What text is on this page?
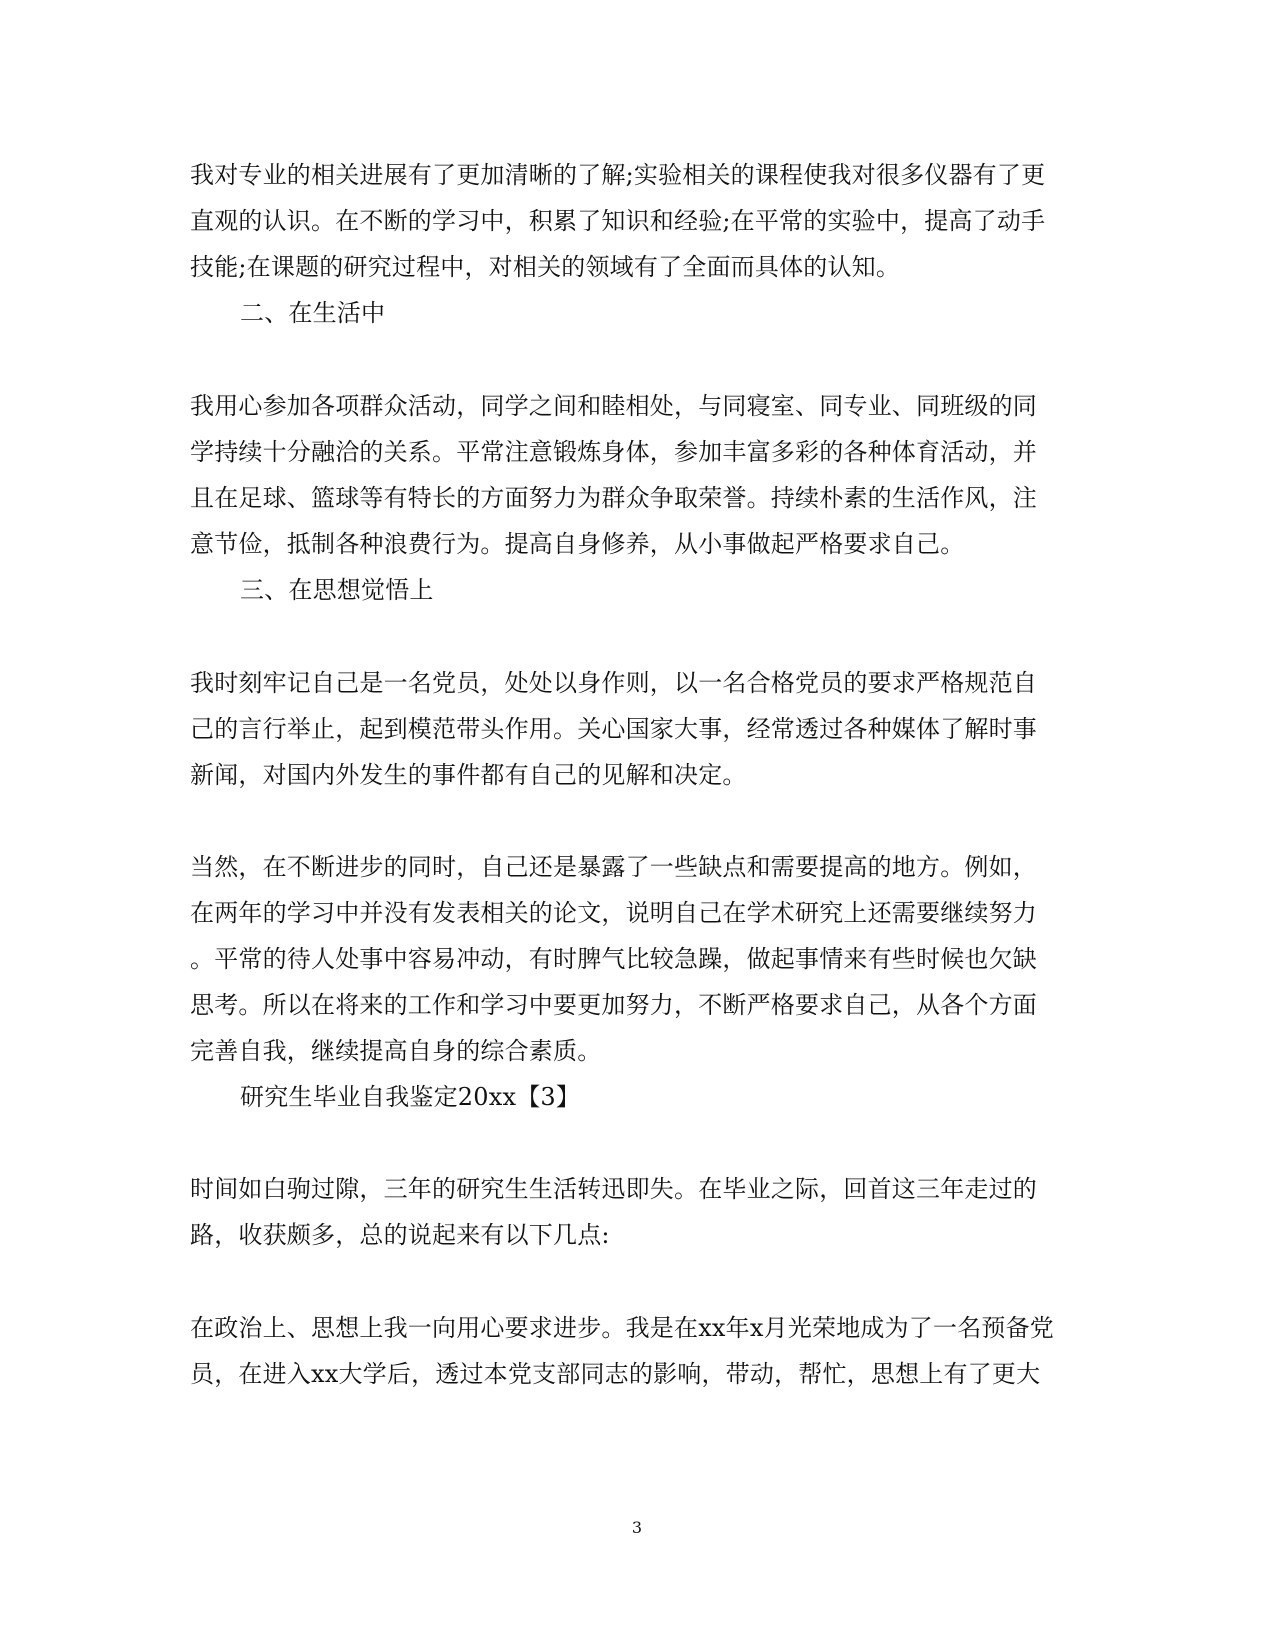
我对专业的相关进展有了更加清晰的了解;实验相关的课程使我对很多仪器有了更
直观的认识。在不断的学习中，积累了知识和经验;在平常的实验中，提高了动手
技能;在课题的研究过程中，对相关的领域有了全面而具体的认知。
二、在生活中
我用心参加各项群众活动，同学之间和睦相处，与同寝室、同专业、同班级的同
学持续十分融洽的关系。平常注意锻炼身体，参加丰富多彩的各种体育活动，并
且在足球、篮球等有特长的方面努力为群众争取荣誉。持续朴素的生活作风，注
意节俭，抵制各种浪费行为。提高自身修养，从小事做起严格要求自己。
三、在思想觉悟上
我时刻牢记自己是一名党员，处处以身作则，以一名合格党员的要求严格规范自
己的言行举止，起到模范带头作用。关心国家大事，经常透过各种媒体了解时事
新闻，对国内外发生的事件都有自己的见解和决定。
当然，在不断进步的同时，自己还是暴露了一些缺点和需要提高的地方。例如，
在两年的学习中并没有发表相关的论文，说明自己在学术研究上还需要继续努力
。平常的待人处事中容易冲动，有时脾气比较急躁，做起事情来有些时候也欠缺
思考。所以在将来的工作和学习中要更加努力，不断严格要求自己，从各个方面
完善自我，继续提高自身的综合素质。
研究生毕业自我鉴定20xx【3】
时间如白驹过隙，三年的研究生生活转迅即失。在毕业之际，回首这三年走过的
路，收获颇多，总的说起来有以下几点:
在政治上、思想上我一向用心要求进步。我是在xx年x月光荣地成为了一名预备党
员，在进入xx大学后，透过本党支部同志的影响，带动，帮忙，思想上有了更大
3
